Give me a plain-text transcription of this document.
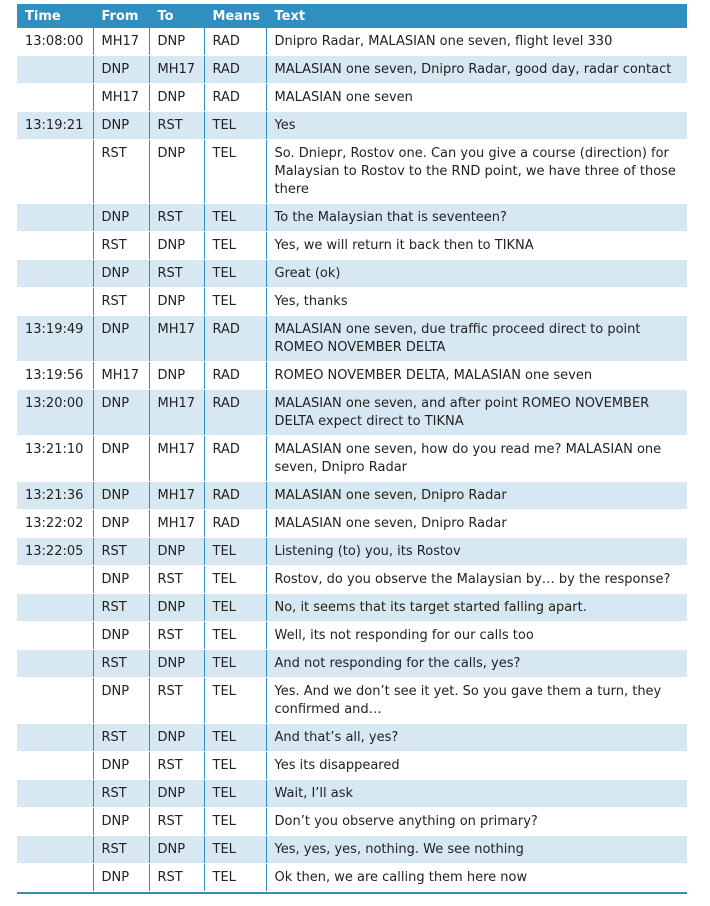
Time	From	To	Means	Text
13:08:00	MH17	DNP	RAD	Dnipro Radar, MALASIAN one seven, flight level 330
	DNP	MH17	RAD	MALASIAN one seven, Dnipro Radar, good day, radar contact
	MH17	DNP	RAD	MALASIAN one seven
13:19:21	DNP	RST	TEL	Yes
	RST	DNP	TEL	So. Dniepr, Rostov one. Can you give a course (direction) for Malaysian to Rostov to the RND point, we have three of those there
	DNP	RST	TEL	To the Malaysian that is seventeen?
	RST	DNP	TEL	Yes, we will return it back then to TIKNA
	DNP	RST	TEL	Great (ok)
	RST	DNP	TEL	Yes, thanks
13:19:49	DNP	MH17	RAD	MALASIAN one seven, due traffic proceed direct to point ROMEO NOVEMBER DELTA
13:19:56	MH17	DNP	RAD	ROMEO NOVEMBER DELTA, MALASIAN one seven
13:20:00	DNP	MH17	RAD	MALASIAN one seven, and after point ROMEO NOVEMBER DELTA expect direct to TIKNA
13:21:10	DNP	MH17	RAD	MALASIAN one seven, how do you read me? MALASIAN one seven, Dnipro Radar
13:21:36	DNP	MH17	RAD	MALASIAN one seven, Dnipro Radar
13:22:02	DNP	MH17	RAD	MALASIAN one seven, Dnipro Radar
13:22:05	RST	DNP	TEL	Listening (to) you, its Rostov
	DNP	RST	TEL	Rostov, do you observe the Malaysian by… by the response?
	RST	DNP	TEL	No, it seems that its target started falling apart.
	DNP	RST	TEL	Well, its not responding for our calls too
	RST	DNP	TEL	And not responding for the calls, yes?
	DNP	RST	TEL	Yes. And we don’t see it yet. So you gave them a turn, they confirmed and…
	RST	DNP	TEL	And that’s all, yes?
	DNP	RST	TEL	Yes its disappeared
	RST	DNP	TEL	Wait, I’ll ask
	DNP	RST	TEL	Don’t you observe anything on primary?
	RST	DNP	TEL	Yes, yes, yes, nothing. We see nothing
	DNP	RST	TEL	Ok then, we are calling them here now
